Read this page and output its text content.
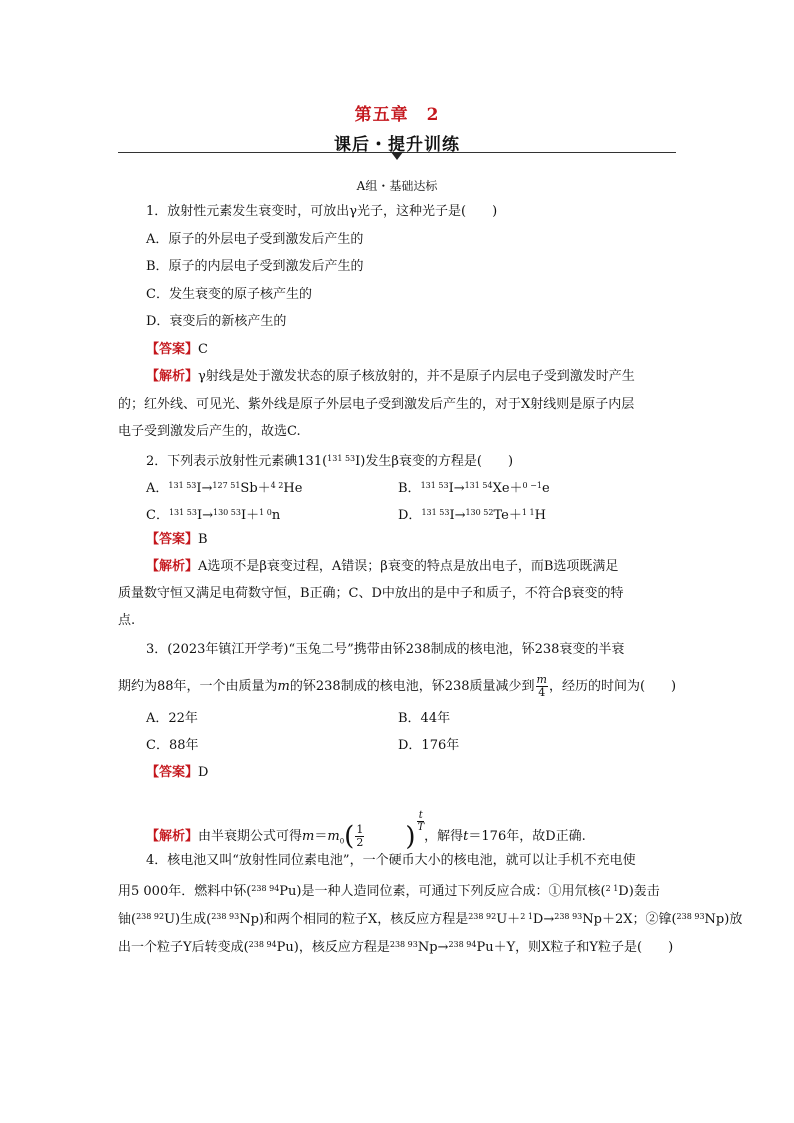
第五章　2
课后・提升训练
A组・基础达标
1．放射性元素发生衰变时，可放出γ光子，这种光子是(　　)
A．原子的外层电子受到激发后产生的
B．原子的内层电子受到激发后产生的
C．发生衰变的原子核产生的
D．衰变后的新核产生的
【答案】C
【解析】γ射线是处于激发状态的原子核放射的，并不是原子内层电子受到激发时产生
的；红外线、可见光、紫外线是原子外层电子受到激发后产生的，对于X射线则是原子内层
电子受到激发后产生的，故选C.
2．下列表示放射性元素碘131($^{131 53}$I)发生β衰变的方程是(　　)
A．$^{131 53}$I→$^{127 51}$Sb＋$^{4 2}$He	B．$^{131 53}$I→$^{131 54}$Xe＋$^{0 -1}$e
C．$^{131 53}$I→$^{130 53}$I＋$^{1 0}$n	D．$^{131 53}$I→$^{130 52}$Te＋$^{1 1}$H
【答案】B
【解析】A选项不是β衰变过程，A错误；β衰变的特点是放出电子，而B选项既满足
质量数守恒又满足电荷数守恒，B正确；C、D中放出的是中子和质子，不符合β衰变的特
点.
3．(2023年镇江开学考)“玉兔二号”携带由钚238制成的核电池，钚238衰变的半衰
期约为88年，一个由质量为m的钚238制成的核电池，钚238质量减少到 $\frac{m}{4}$ ，经历的时间为(　　)
A．22年	B．44年
C．88年	D．176年
【答案】D
【解析】由半衰期公式可得$m=m_0( \frac{1}{2}$ ) $\frac{t}{T}$
，解得t＝176年，故D正确.
4．核电池又叫“放射性同位素电池”，一个硬币大小的核电池，就可以让手机不充电使
用5 000年．燃料中钚($^{238 94}$Pu)是一种人造同位素，可通过下列反应合成：①用氘核($^{2 1}$D)轰击
铀($^{238 92}$U)生成($^{238 93}$Np)和两个相同的粒子X，核反应方程是$^{238 92}$U＋$^{2 1}$D→$^{238 93}$Np＋2X；②镎($^{238 93}$Np)放
出一个粒子Y后转变成($^{238 94}$Pu)，核反应方程是$^{238 93}$Np→$^{238 94}$Pu＋Y，则X粒子和Y粒子是(　　)
